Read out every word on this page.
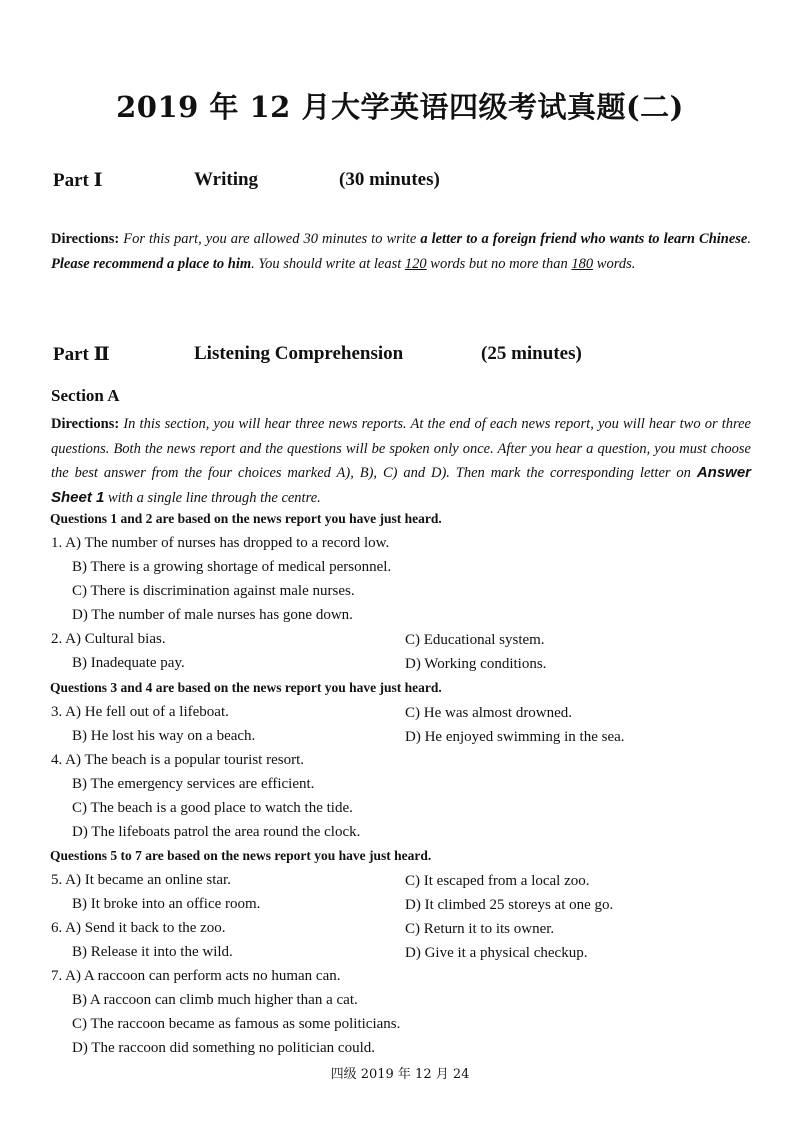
2019 年 12 月大学英语四级考试真题(二)
Part Ⅰ	Writing	(30 minutes)
Directions: For this part, you are allowed 30 minutes to write a letter to a foreign friend who wants to learn Chinese. Please recommend a place to him. You should write at least 120 words but no more than 180 words.
Part Ⅱ	Listening Comprehension	(25 minutes)
Section A
Directions: In this section, you will hear three news reports. At the end of each news report, you will hear two or three questions. Both the news report and the questions will be spoken only once. After you hear a question, you must choose the best answer from the four choices marked A), B), C) and D). Then mark the corresponding letter on Answer Sheet 1 with a single line through the centre.
Questions 1 and 2 are based on the news report you have just heard.
Questions 3 and 4 are based on the news report you have just heard.
Questions 5 to 7 are based on the news report you have just heard.
1. A) The number of nurses has dropped to a record low.
B) There is a growing shortage of medical personnel.
C) There is discrimination against male nurses.
D) The number of male nurses has gone down.
2. A) Cultural bias.	C) Educational system.
B) Inadequate pay.	D) Working conditions.
3. A) He fell out of a lifeboat.	C) He was almost drowned.
B) He lost his way on a beach.	D) He enjoyed swimming in the sea.
4. A) The beach is a popular tourist resort.
B) The emergency services are efficient.
C) The beach is a good place to watch the tide.
D) The lifeboats patrol the area round the clock.
5. A) It became an online star.	C) It escaped from a local zoo.
B) It broke into an office room.	D) It climbed 25 storeys at one go.
6. A) Send it back to the zoo.	C) Return it to its owner.
B) Release it into the wild.	D) Give it a physical checkup.
7. A) A raccoon can perform acts no human can.
B) A raccoon can climb much higher than a cat.
C) The raccoon became as famous as some politicians.
D) The raccoon did something no politician could.
四级 2019 年 12 月 24
